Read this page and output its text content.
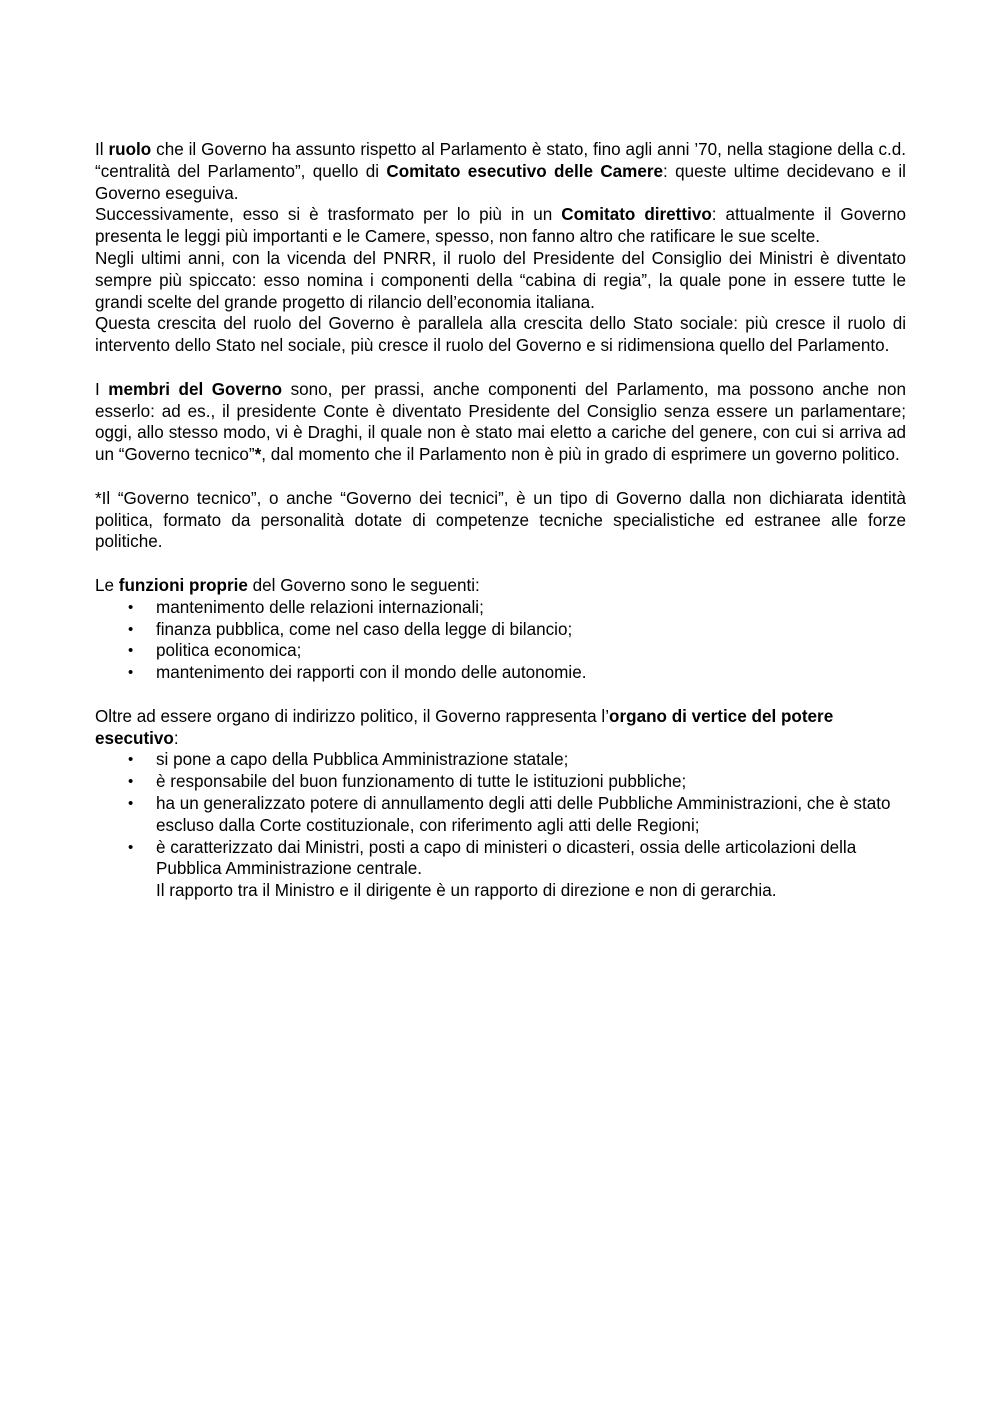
Il ruolo che il Governo ha assunto rispetto al Parlamento è stato, fino agli anni ’70, nella stagione della c.d. “centralità del Parlamento”, quello di Comitato esecutivo delle Camere: queste ultime decidevano e il Governo eseguiva.

Successivamente, esso si è trasformato per lo più in un Comitato direttivo: attualmente il Governo presenta le leggi più importanti e le Camere, spesso, non fanno altro che ratificare le sue scelte.

Negli ultimi anni, con la vicenda del PNRR, il ruolo del Presidente del Consiglio dei Ministri è diventato sempre più spiccato: esso nomina i componenti della “cabina di regia”, la quale pone in essere tutte le grandi scelte del grande progetto di rilancio dell’economia italiana.

Questa crescita del ruolo del Governo è parallela alla crescita dello Stato sociale: più cresce il ruolo di intervento dello Stato nel sociale, più cresce il ruolo del Governo e si ridimensiona quello del Parlamento.

I membri del Governo sono, per prassi, anche componenti del Parlamento, ma possono anche non esserlo: ad es., il presidente Conte è diventato Presidente del Consiglio senza essere un parlamentare; oggi, allo stesso modo, vi è Draghi, il quale non è stato mai eletto a cariche del genere, con cui si arriva ad un “Governo tecnico”*, dal momento che il Parlamento non è più in grado di esprimere un governo politico.

*Il “Governo tecnico”, o anche “Governo dei tecnici”, è un tipo di Governo dalla non dichiarata identità politica, formato da personalità dotate di competenze tecniche specialistiche ed estranee alle forze politiche.

Le funzioni proprie del Governo sono le seguenti:

• mantenimento delle relazioni internazionali;
• finanza pubblica, come nel caso della legge di bilancio;
• politica economica;
• mantenimento dei rapporti con il mondo delle autonomie.

Oltre ad essere organo di indirizzo politico, il Governo rappresenta l’organo di vertice del potere esecutivo:

• si pone a capo della Pubblica Amministrazione statale;
• è responsabile del buon funzionamento di tutte le istituzioni pubbliche;
• ha un generalizzato potere di annullamento degli atti delle Pubbliche Amministrazioni, che è stato escluso dalla Corte costituzionale, con riferimento agli atti delle Regioni;
• è caratterizzato dai Ministri, posti a capo di ministeri o dicasteri, ossia delle articolazioni della Pubblica Amministrazione centrale.
Il rapporto tra il Ministro e il dirigente è un rapporto di direzione e non di gerarchia.
